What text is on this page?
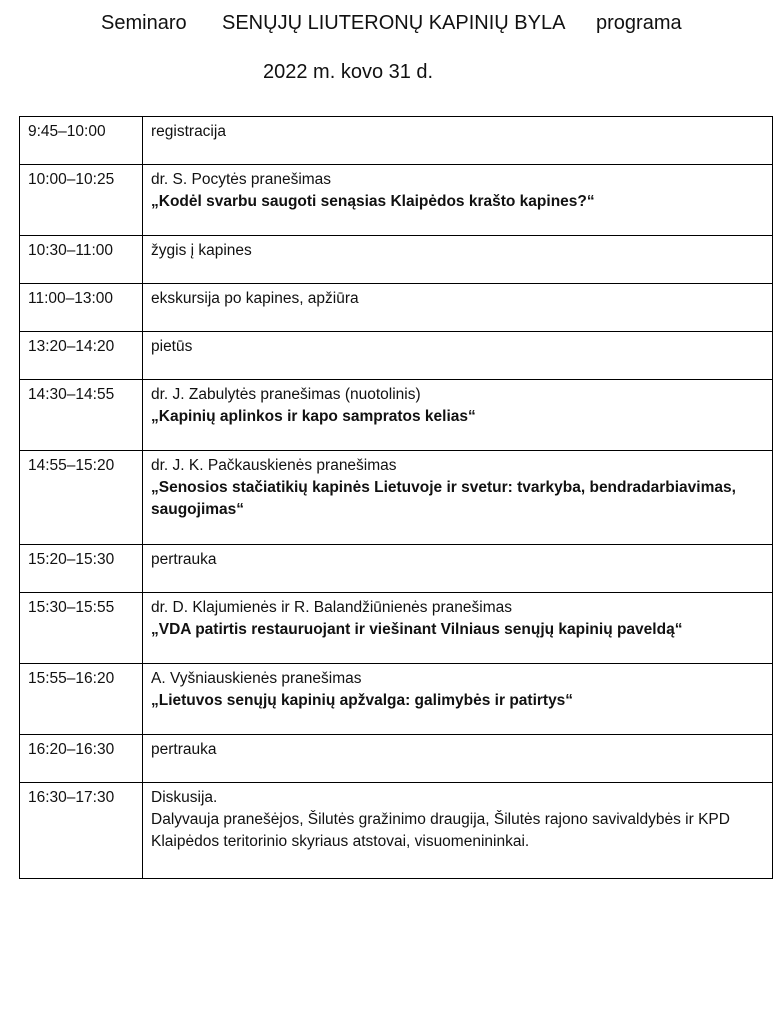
Seminaro SENŲJŲ LIUTERONŲ KAPINIŲ BYLA programa
2022 m. kovo 31 d.
9:45–10:00	registracija

10:00–10:25	dr. S. Pocytės pranešimas
„Kodėl svarbu saugoti senąsias Klaipėdos krašto kapines?“

10:30–11:00	žygis į kapines

11:00–13:00	ekskursija po kapines, apžiūra

13:20–14:20	pietūs

14:30–14:55	dr. J. Zabulytės pranešimas (nuotolinis)
„Kapinių aplinkos ir kapo sampratos kelias“

14:55–15:20	dr. J. K. Pačkauskienės pranešimas
„Senosios stačiatikių kapinės Lietuvoje ir svetur: tvarkyba, bendradarbiavimas, saugojimas“

15:20–15:30	pertrauka

15:30–15:55	dr. D. Klajumienės ir R. Balandžiūnienės pranešimas
„VDA patirtis restauruojant ir viešinant Vilniaus senųjų kapinių paveldą“

15:55–16:20	A. Vyšniauskienės pranešimas
„Lietuvos senųjų kapinių apžvalga: galimybės ir patirtys“

16:20–16:30	pertrauka

16:30–17:30	Diskusija.
Dalyvauja pranešėjos, Šilutės gražinimo draugija, Šilutės rajono savivaldybės ir KPD Klaipėdos teritorinio skyriaus atstovai, visuomenininkai.
